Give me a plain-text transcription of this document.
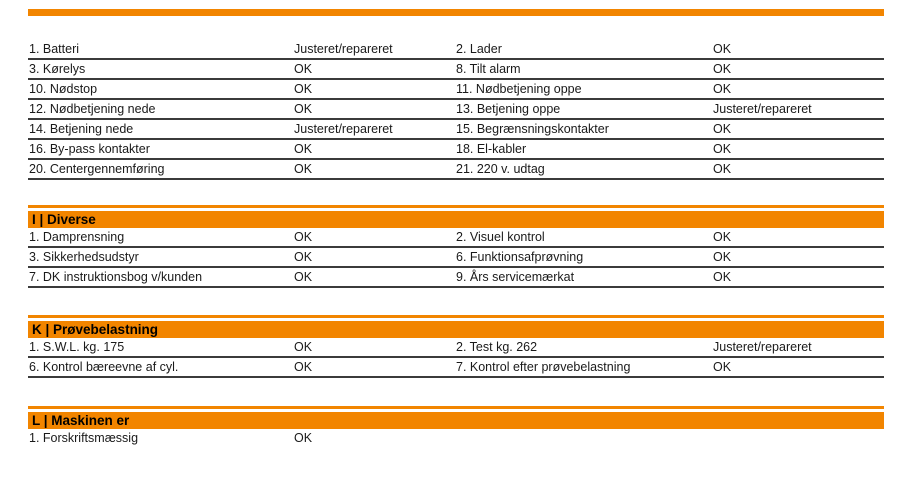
1. Batteri	Justeret/repareret	2. Lader	OK
3. Kørelys	OK	8. Tilt alarm	OK
10. Nødstop	OK	11. Nødbetjening oppe	OK
12. Nødbetjening nede	OK	13. Betjening oppe	Justeret/repareret
14. Betjening nede	Justeret/repareret	15. Begrænsningskontakter	OK
16. By-pass kontakter	OK	18. El-kabler	OK
20. Centergennemføring	OK	21. 220 v. udtag	OK
I | Diverse
1. Damprensning	OK	2. Visuel kontrol	OK
3. Sikkerhedsudstyr	OK	6. Funktionsafprøvning	OK
7. DK instruktionsbog v/kunden	OK	9. Års servicemærkat	OK
K | Prøvebelastning
1. S.W.L. kg. 175	OK	2. Test kg. 262	Justeret/repareret
6. Kontrol bæreevne af cyl.	OK	7. Kontrol efter prøvebelastning	OK
L | Maskinen er
1. Forskriftsmæssig	OK
